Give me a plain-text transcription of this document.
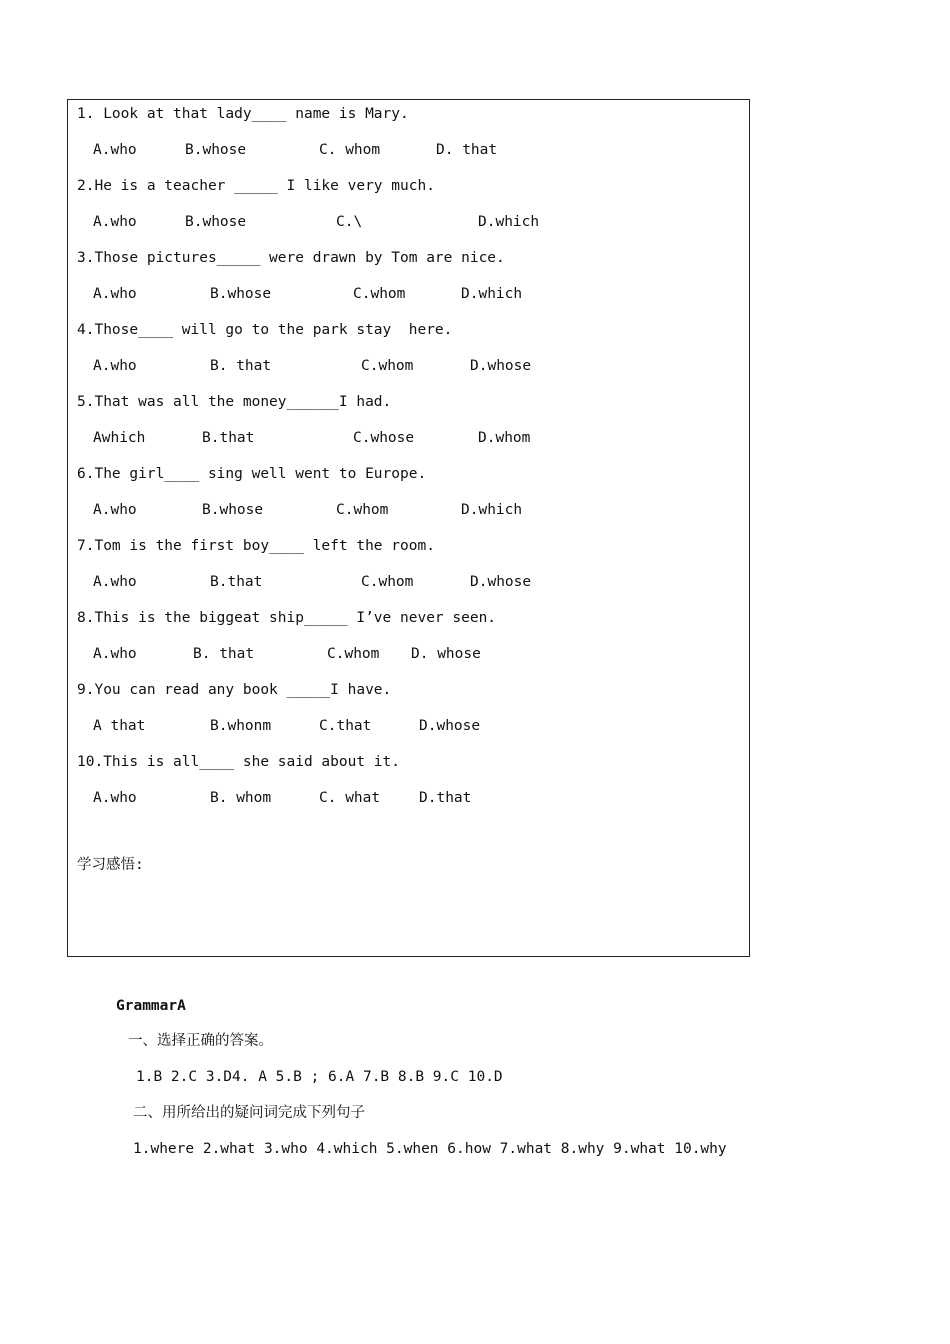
1. Look at that lady____ name is Mary.
A.who	B.whose	C. whom	D. that
2.He is a teacher _____ I like very much.
A.who	B.whose	C.\	D.which
3.Those pictures_____ were drawn by Tom are nice.
A.who	B.whose	C.whom	D.which
4.Those____ will go to the park stay  here.
A.who	B. that	C.whom	D.whose
5.That was all the money______I had.
Awhich	B.that	C.whose	D.whom
6.The girl____ sing well went to Europe.
A.who	B.whose	C.whom	D.which
7.Tom is the first boy____ left the room.
A.who	B.that	C.whom	D.whose
8.This is the biggeat ship_____ I’ve never seen.
A.who	B. that	C.whom D. whose
9.You can read any book _____I have.
A that	B.whonm	C.that	D.whose
10.This is all____ she said about it.
A.who	B. whom	C. what	D.that
学习感悟:
GrammarA
一、选择正确的答案。
1.B 2.C 3.D4. A 5.B ; 6.A 7.B 8.B 9.C 10.D
二、用所给出的疑问词完成下列句子
1.where 2.what 3.who 4.which 5.when 6.how 7.what 8.why 9.what 10.why
